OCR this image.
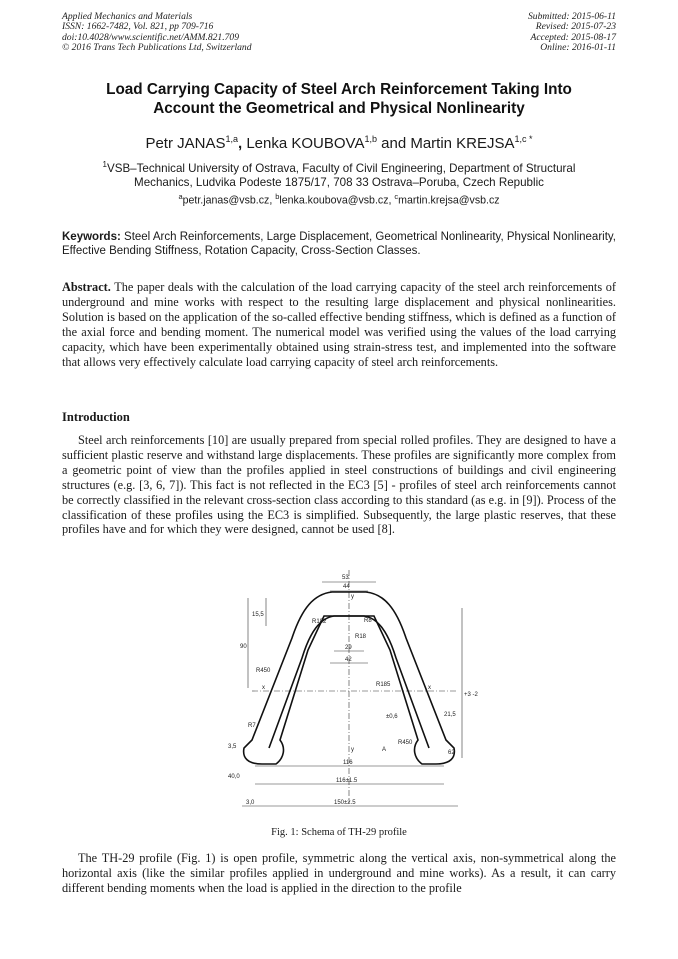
Applied Mechanics and Materials
ISSN: 1662-7482, Vol. 821, pp 709-716
doi:10.4028/www.scientific.net/AMM.821.709
© 2016 Trans Tech Publications Ltd, Switzerland
Submitted: 2015-06-11
Revised: 2015-07-23
Accepted: 2015-08-17
Online: 2016-01-11
Load Carrying Capacity of Steel Arch Reinforcement Taking Into
Account the Geometrical and Physical Nonlinearity
Petr JANAS$^{1,a}$, Lenka KOUBOVA$^{1,b}$ and Martin $KREJSA^{1,c *}$
$^1$VSB–Technical University of Ostrava, Faculty of Civil Engineering, Department of Structural
Mechanics, Ludvika Podeste 1875/17, 708 33 Ostrava–Poruba, Czech Republic
$^a$petr.janas@vsb.cz, $^b$lenka.koubova@vsb.cz, $^c$martin.krejsa@vsb.cz
Keywords: Steel Arch Reinforcements, Large Displacement, Geometrical Nonlinearity, Physical Nonlinearity, Effective Bending Stiffness, Rotation Capacity, Cross-Section Classes.
Abstract. The paper deals with the calculation of the load carrying capacity of the steel arch reinforcements of underground and mine works with respect to the resulting large displacement and physical nonlinearities. Solution is based on the application of the so-called effective bending stiffness, which is defined as a function of the axial force and bending moment. The numerical model was verified using the values of the load carrying capacity, which have been experimentally obtained using strain-stress test, and implemented into the software that allows very effectively calculate load carrying capacity of steel arch reinforcements.
Introduction
Steel arch reinforcements [10] are usually prepared from special rolled profiles. They are designed to have a sufficient plastic reserve and withstand large displacements. These profiles are significantly more complex from a geometric point of view than the profiles applied in steel constructions of buildings and civil engineering structures (e.g. [3, 6, 7]). This fact is not reflected in the EC3 [5] - profiles of steel arch reinforcements cannot be correctly classified in the relevant cross-section class according to this standard (as e.g. in [9]). Process of the classification of these profiles using the EC3 is simplified. Subsequently, the large plastic reserves, that these profiles have and for which they were designed, cannot be used [8].
53
44
29
42
116
116±1.5
150±2.5
90
R182	R8
R18
R450
R450
R185
R7
15,5
3,0
40,0
21,5
62
3,5
y
y
x	x
A
±0,6
+3 -2
Fig. 1: Schema of TH-29 profile
The TH-29 profile (Fig. 1) is open profile, symmetric along the vertical axis, non-symmetrical along the horizontal axis (like the similar profiles applied in underground and mine works). As a result, it can carry different bending moments when the load is applied in the direction to the profile
